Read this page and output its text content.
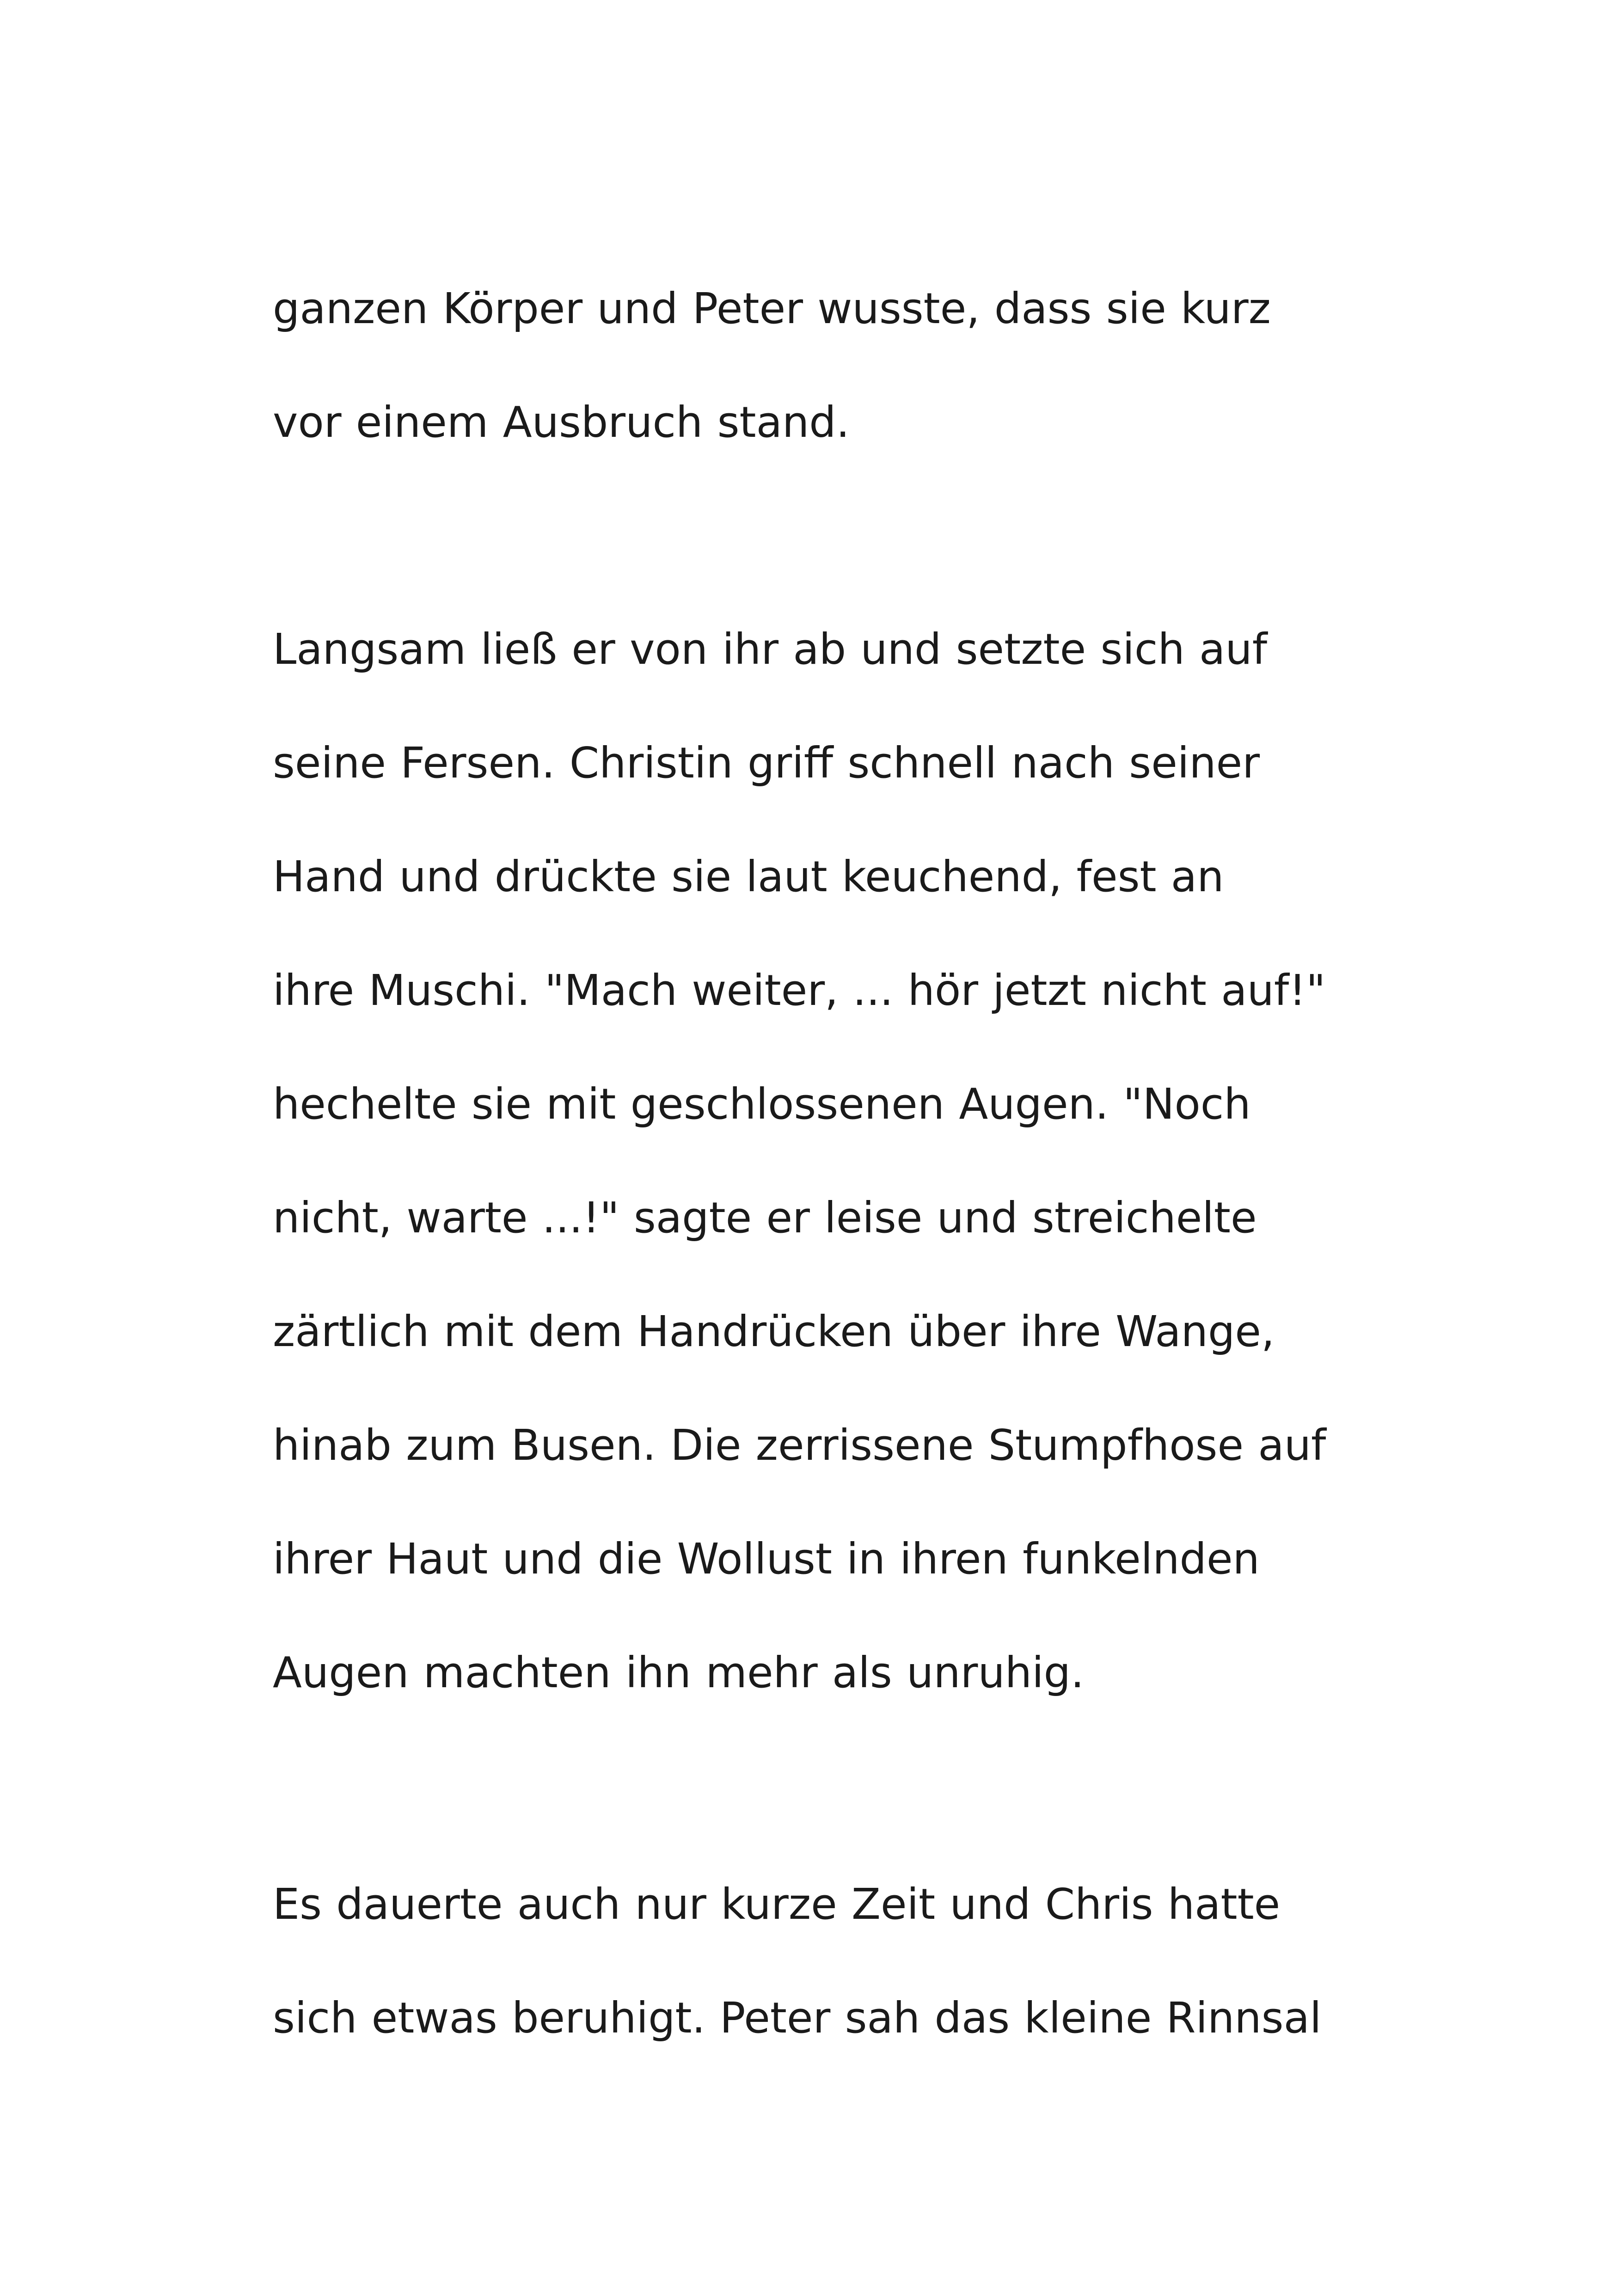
ganzen Körper und Peter wusste, dass sie kurz
vor einem Ausbruch stand.

Langsam ließ er von ihr ab und setzte sich auf
seine Fersen. Christin griff schnell nach seiner
Hand und drückte sie laut keuchend, fest an
ihre Muschi. "Mach weiter, ... hör jetzt nicht auf!"
hechelte sie mit geschlossenen Augen. "Noch
nicht, warte ...!" sagte er leise und streichelte
zärtlich mit dem Handrücken über ihre Wange,
hinab zum Busen. Die zerrissene Stumpfhose auf
ihrer Haut und die Wollust in ihren funkelnden
Augen machten ihn mehr als unruhig.

Es dauerte auch nur kurze Zeit und Chris hatte
sich etwas beruhigt. Peter sah das kleine Rinnsal
